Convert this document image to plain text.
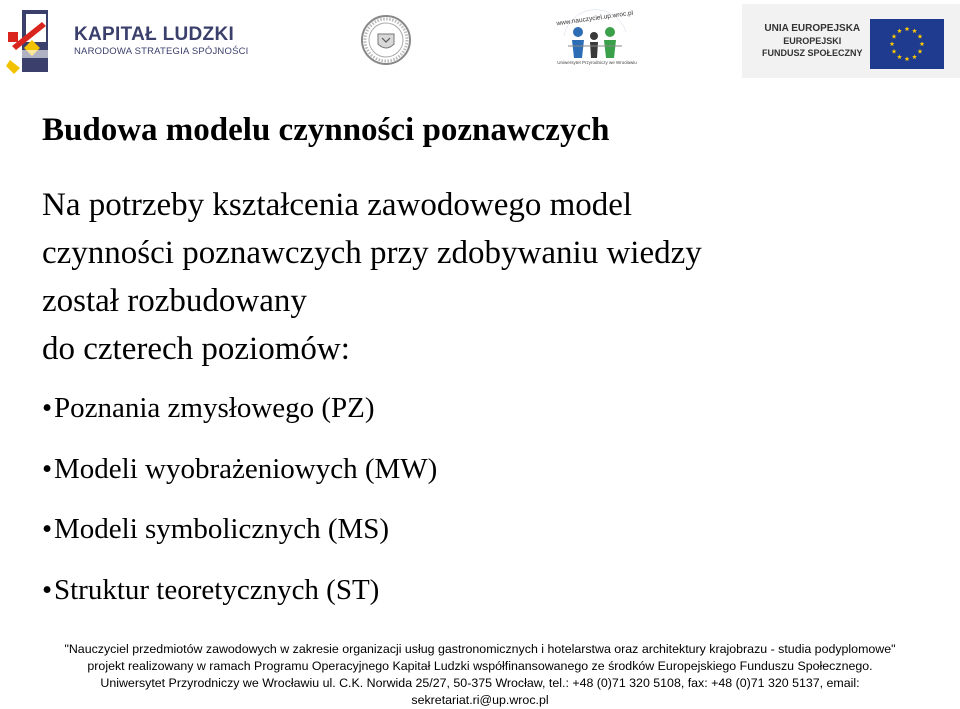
KAPITAŁ LUDZKI
NARODOWA STRATEGIA SPÓJNOŚCI
www.nauczyciel.up.wroc.pl
Uniwersytet Przyrodniczy we Wrocławiu
UNIA EUROPEJSKA
EUROPEJSKI
FUNDUSZ SPOŁECZNY
Budowa modelu czynności poznawczych
Na potrzeby kształcenia zawodowego model
czynności poznawczych przy zdobywaniu wiedzy
został rozbudowany
do czterech poziomów:
•Poznania zmysłowego (PZ)
•Modeli wyobrażeniowych (MW)
•Modeli symbolicznych (MS)
•Struktur teoretycznych (ST)
"Nauczyciel przedmiotów zawodowych w zakresie organizacji usług gastronomicznych i hotelarstwa oraz architektury krajobrazu - studia podyplomowe"
projekt realizowany w ramach Programu Operacyjnego Kapitał Ludzki współfinansowanego ze środków Europejskiego Funduszu Społecznego.
Uniwersytet Przyrodniczy we Wrocławiu ul. C.K. Norwida 25/27, 50-375 Wrocław, tel.: +48 (0)71 320 5108, fax: +48 (0)71 320 5137, email:
sekretariat.ri@up.wroc.pl
